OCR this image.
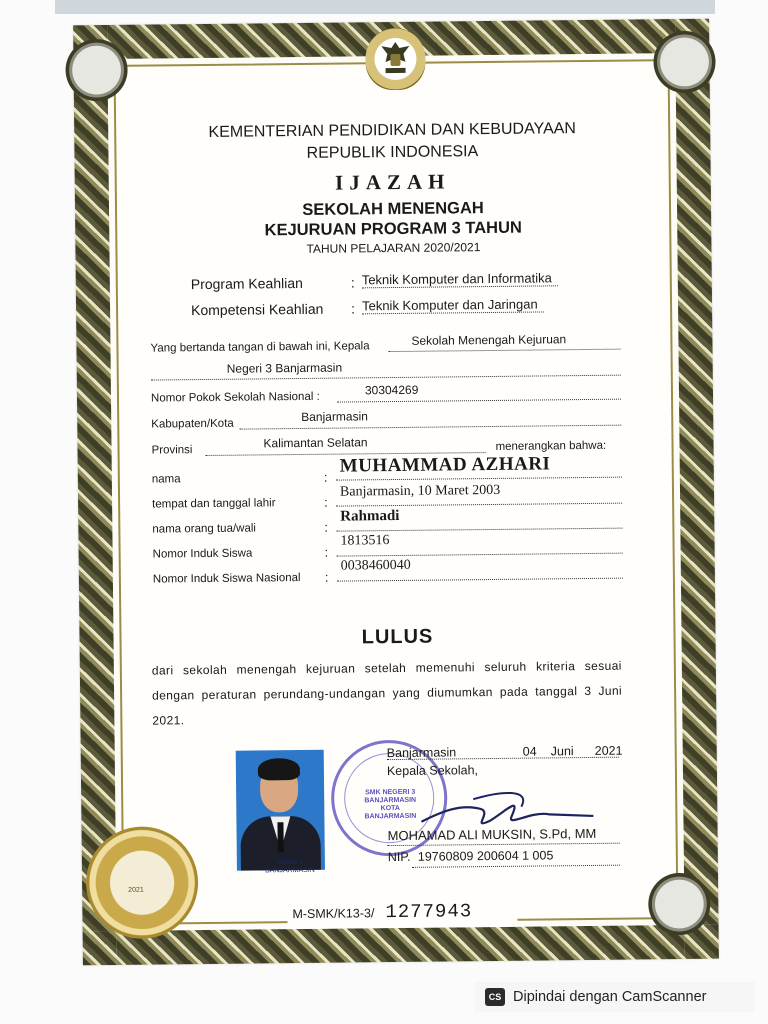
2021
KEMENTERIAN PENDIDIKAN DAN KEBUDAYAAN
REPUBLIK INDONESIA
IJAZAH
SEKOLAH MENENGAH
KEJURUAN PROGRAM 3 TAHUN
TAHUN PELAJARAN 2020/2021
Program Keahlian	: Teknik Komputer dan Informatika
Kompetensi Keahlian : Teknik Komputer dan Jaringan
Yang bertanda tangan di bawah ini, Kepala	Sekolah Menengah Kejuruan
Negeri 3 Banjarmasin
Nomor Pokok Sekolah Nasional :
30304269
Kabupaten/Kota
Banjarmasin
Provinsi	Kalimantan Selatan	menerangkan bahwa:
nama	:
MUHAMMAD AZHARI
tempat dan tanggal lahir	:
Banjarmasin, 10 Maret 2003
nama orang tua/wali	:
Rahmadi
Nomor Induk Siswa	:
1813516
Nomor Induk Siswa Nasional :
0038460040
LULUS
dari sekolah menengah kejuruan setelah memenuhi seluruh kriteria sesuai dengan peraturan perundang-undangan yang diumumkan pada tanggal 3 Juni 2021.
SMKN 3 BANJARMASIN
SMK NEGERI 3 BANJARMASIN KOTA BANJARMASIN
Banjarmasin	04 Juni 2021
Kepala Sekolah,
MOHAMAD ALI MUKSIN, S.Pd, MM
NIP. 19760809 200604 1 005
M-SMK/K13-3/ 1277943
CS Dipindai dengan CamScanner
